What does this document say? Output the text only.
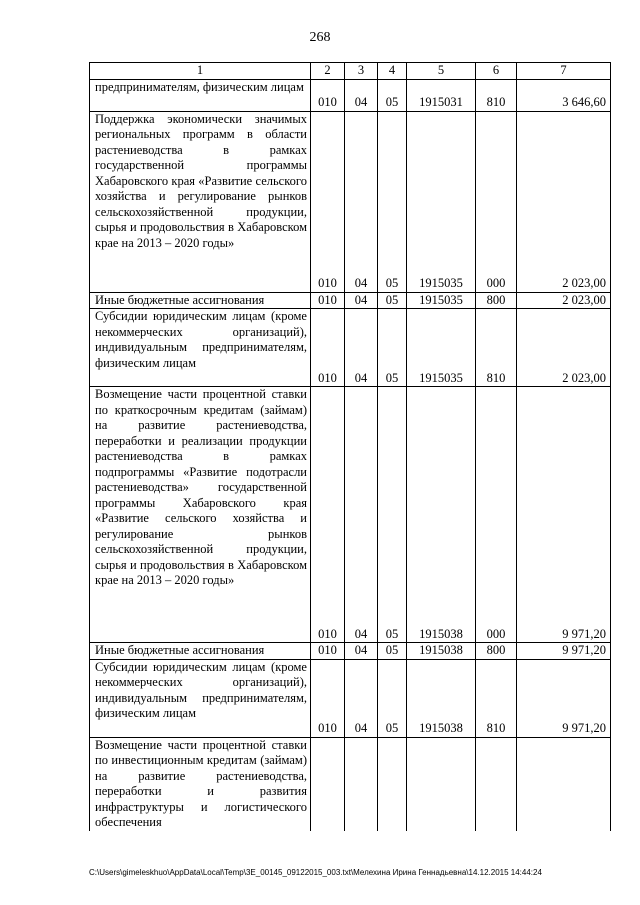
268
1	2	3	4	5	6	7
предпринимателям, физическим лицам	010	04	05	1915031	810	3 646,60
Поддержка экономически значимых региональных программ в области растениеводства в рамках государственной программы Хабаровского края «Развитие сельского хозяйства и регулирование рынков сельскохозяйственной продукции, сырья и продовольствия в Хабаровском крае на 2013 – 2020 годы»	010	04	05	1915035	000	2 023,00
Иные бюджетные ассигнования	010	04	05	1915035	800	2 023,00
Субсидии юридическим лицам (кроме некоммерческих организаций), индивидуальным предпринимателям, физическим лицам	010	04	05	1915035	810	2 023,00
Возмещение части процентной ставки по краткосрочным кредитам (займам) на развитие растениеводства, переработки и реализации продукции растениеводства в рамках подпрограммы «Развитие подотрасли растениеводства» государственной программы Хабаровского края «Развитие сельского хозяйства и регулирование рынков сельскохозяйственной продукции, сырья и продовольствия в Хабаровском крае на 2013 – 2020 годы»	010	04	05	1915038	000	9 971,20
Иные бюджетные ассигнования	010	04	05	1915038	800	9 971,20
Субсидии юридическим лицам (кроме некоммерческих организаций), индивидуальным предпринимателям, физическим лицам	010	04	05	1915038	810	9 971,20
Возмещение части процентной ставки по инвестиционным кредитам (займам) на развитие растениеводства, переработки и развития инфраструктуры и логистического обеспечения						
C:\Users\gimeleskhuo\AppData\Local\Temp\3E_00145_09122015_003.txt\Мелехина Ирина Геннадьевна\14.12.2015 14:44:24
